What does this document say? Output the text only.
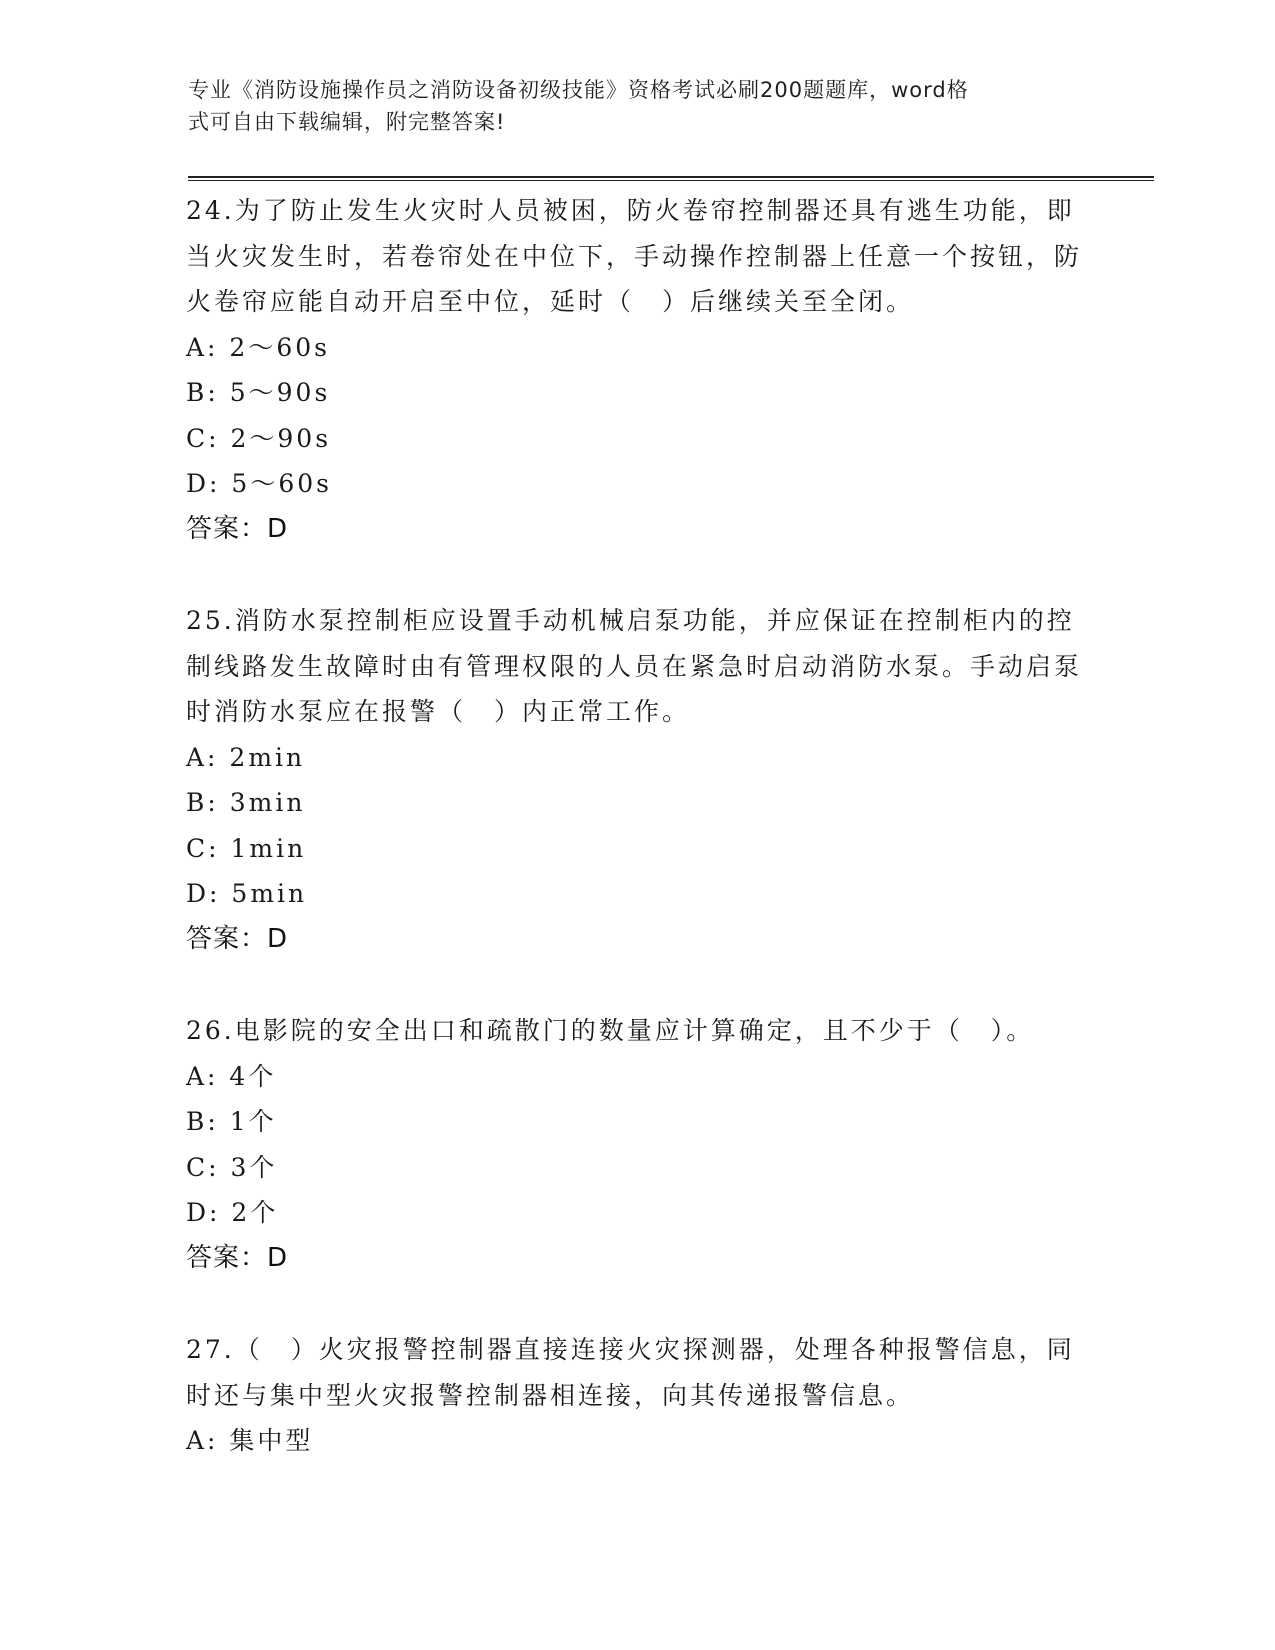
专业《消防设施操作员之消防设备初级技能》资格考试必刷200题题库，word格
式可自由下载编辑，附完整答案!
24.为了防止发生火灾时人员被困，防火卷帘控制器还具有逃生功能，即当火灾发生时，若卷帘处在中位下，手动操作控制器上任意一个按钮，防火卷帘应能自动开启至中位，延时（　）后继续关至全闭。
A: 2～60s
B: 5～90s
C: 2～90s
D: 5～60s
答案：D
25.消防水泵控制柜应设置手动机械启泵功能，并应保证在控制柜内的控制线路发生故障时由有管理权限的人员在紧急时启动消防水泵。手动启泵时消防水泵应在报警（　）内正常工作。
A: 2min
B: 3min
C: 1min
D: 5min
答案：D
26.电影院的安全出口和疏散门的数量应计算确定，且不少于（　）。
A: 4个
B: 1个
C: 3个
D: 2个
答案：D
27.（　）火灾报警控制器直接连接火灾探测器，处理各种报警信息，同时还与集中型火灾报警控制器相连接，向其传递报警信息。
A: 集中型
